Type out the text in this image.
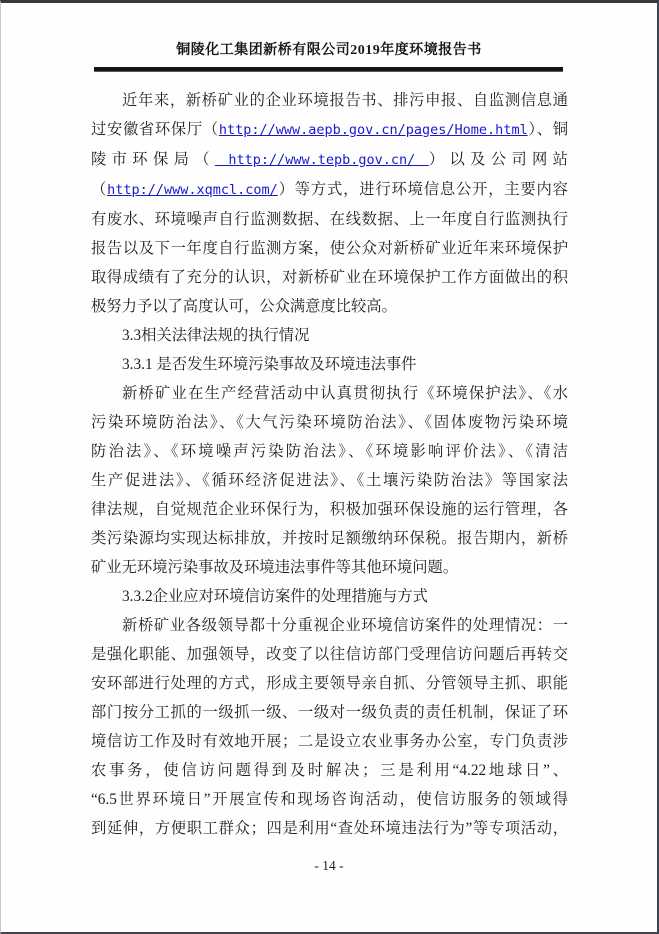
铜陵化工集团新桥有限公司2019年度环境报告书
近年来，新桥矿业的企业环境报告书、排污申报、自监测信息通
过安徽省环保厅（http://www.aepb.gov.cn/pages/Home.html）、铜
陵市环保局（ http://www.tepb.gov.cn/ ）以及公司网站
（http://www.xqmcl.com/）等方式，进行环境信息公开，主要内容
有废水、环境噪声自行监测数据、在线数据、上一年度自行监测执行
报告以及下一年度自行监测方案，使公众对新桥矿业近年来环境保护
取得成绩有了充分的认识，对新桥矿业在环境保护工作方面做出的积
极努力予以了高度认可，公众满意度比较高。
3.3相关法律法规的执行情况
3.3.1 是否发生环境污染事故及环境违法事件
新桥矿业在生产经营活动中认真贯彻执行《环境保护法》、《水
污染环境防治法》、《大气污染环境防治法》、《固体废物污染环境
防治法》、《环境噪声污染防治法》、《环境影响评价法》、《清洁
生产促进法》、《循环经济促进法》、《土壤污染防治法》等国家法
律法规，自觉规范企业环保行为，积极加强环保设施的运行管理，各
类污染源均实现达标排放，并按时足额缴纳环保税。报告期内，新桥
矿业无环境污染事故及环境违法事件等其他环境问题。
3.3.2企业应对环境信访案件的处理措施与方式
新桥矿业各级领导都十分重视企业环境信访案件的处理情况：一
是强化职能、加强领导，改变了以往信访部门受理信访问题后再转交
安环部进行处理的方式，形成主要领导亲自抓、分管领导主抓、职能
部门按分工抓的一级抓一级、一级对一级负责的责任机制，保证了环
境信访工作及时有效地开展；二是设立农业事务办公室，专门负责涉
农事务，使信访问题得到及时解决；三是利用“4.22地球日”、
“6.5世界环境日”开展宣传和现场咨询活动，使信访服务的领域得
到延伸，方便职工群众；四是利用“查处环境违法行为”等专项活动，
- 14 -
